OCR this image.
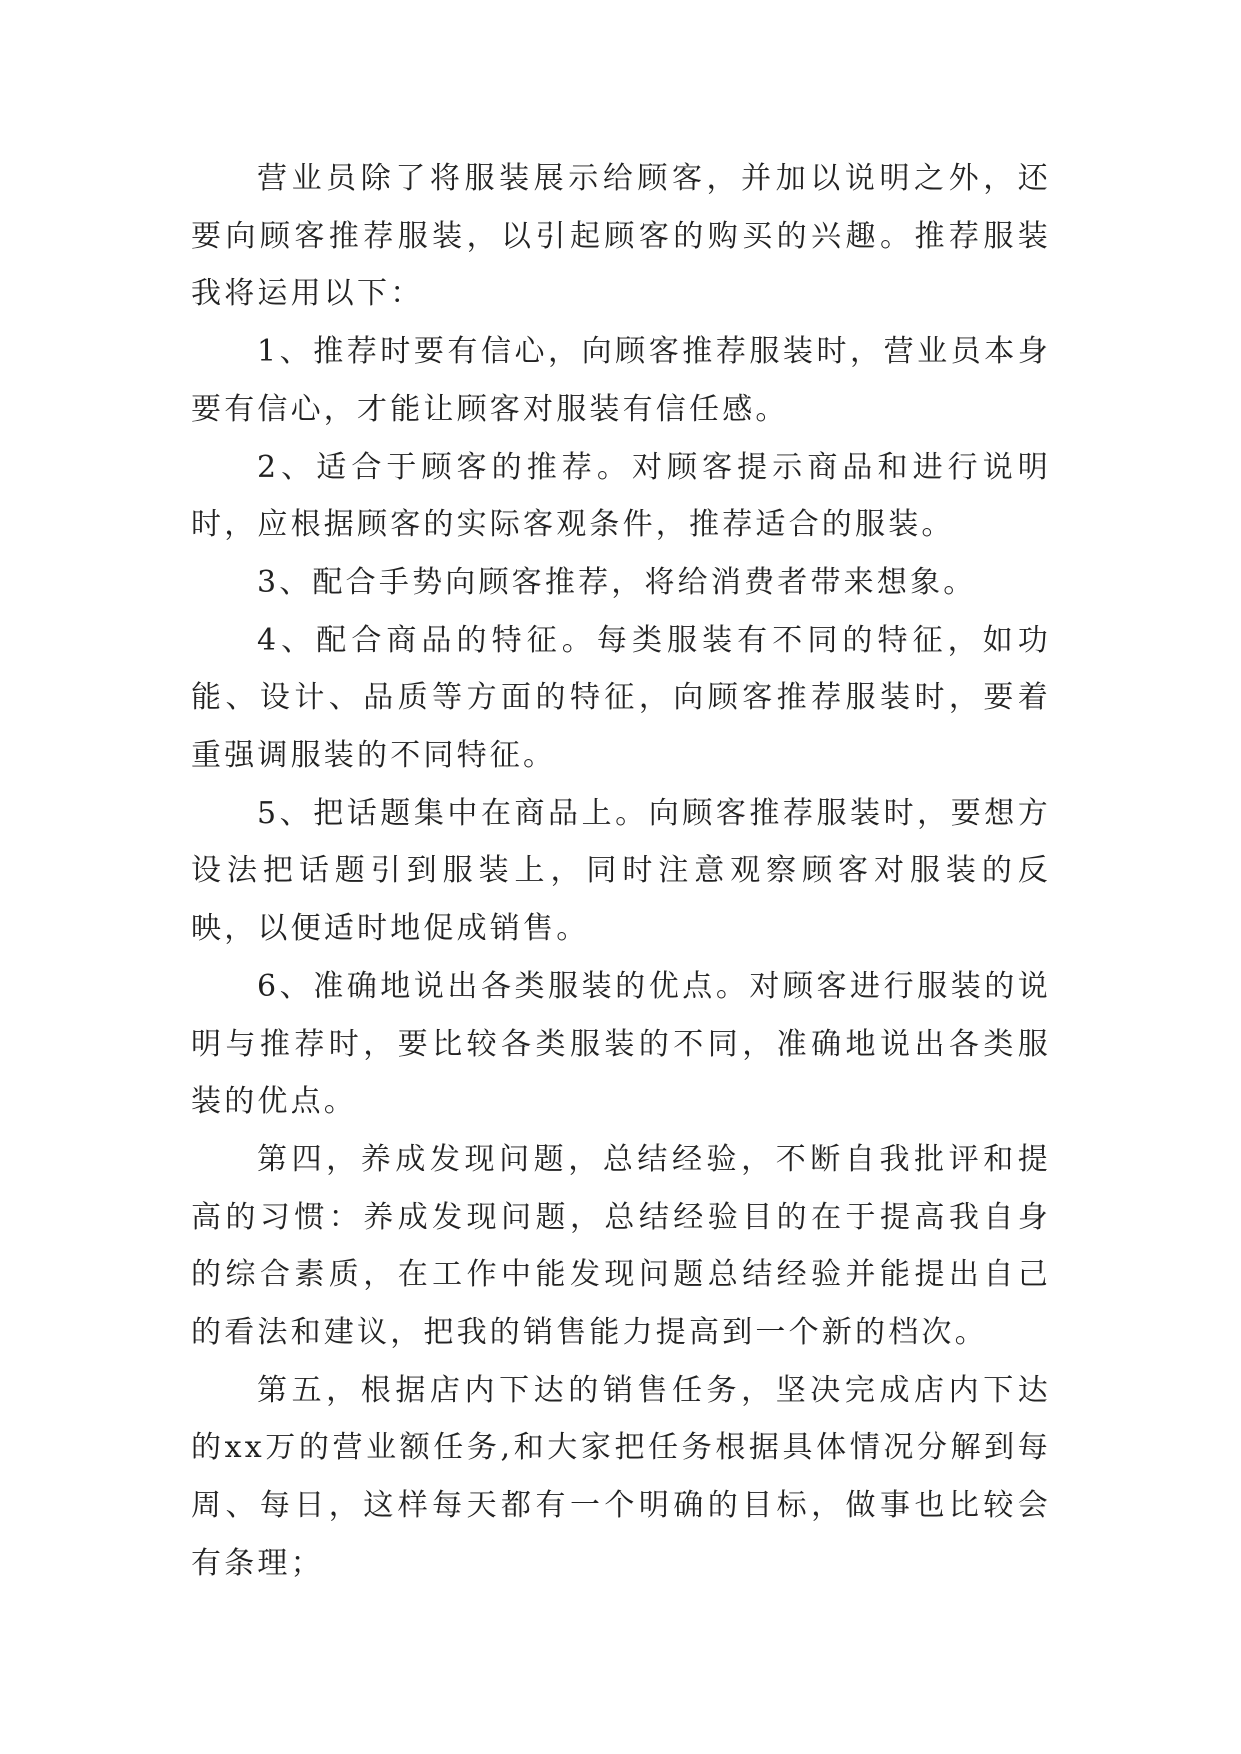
营业员除了将服装展示给顾客，并加以说明之外，还要向顾客推荐服装，以引起顾客的购买的兴趣。推荐服装我将运用以下：

1、推荐时要有信心，向顾客推荐服装时，营业员本身要有信心，才能让顾客对服装有信任感。

2、适合于顾客的推荐。对顾客提示商品和进行说明时，应根据顾客的实际客观条件，推荐适合的服装。

3、配合手势向顾客推荐，将给消费者带来想象。

4、配合商品的特征。每类服装有不同的特征，如功能、设计、品质等方面的特征，向顾客推荐服装时，要着重强调服装的不同特征。

5、把话题集中在商品上。向顾客推荐服装时，要想方设法把话题引到服装上，同时注意观察顾客对服装的反映，以便适时地促成销售。

6、准确地说出各类服装的优点。对顾客进行服装的说明与推荐时，要比较各类服装的不同，准确地说出各类服装的优点。

第四，养成发现问题，总结经验，不断自我批评和提高的习惯：养成发现问题，总结经验目的在于提高我自身的综合素质，在工作中能发现问题总结经验并能提出自己的看法和建议，把我的销售能力提高到一个新的档次。

第五，根据店内下达的销售任务，坚决完成店内下达的xx万的营业额任务,和大家把任务根据具体情况分解到每周、每日，这样每天都有一个明确的目标，做事也比较会有条理；
